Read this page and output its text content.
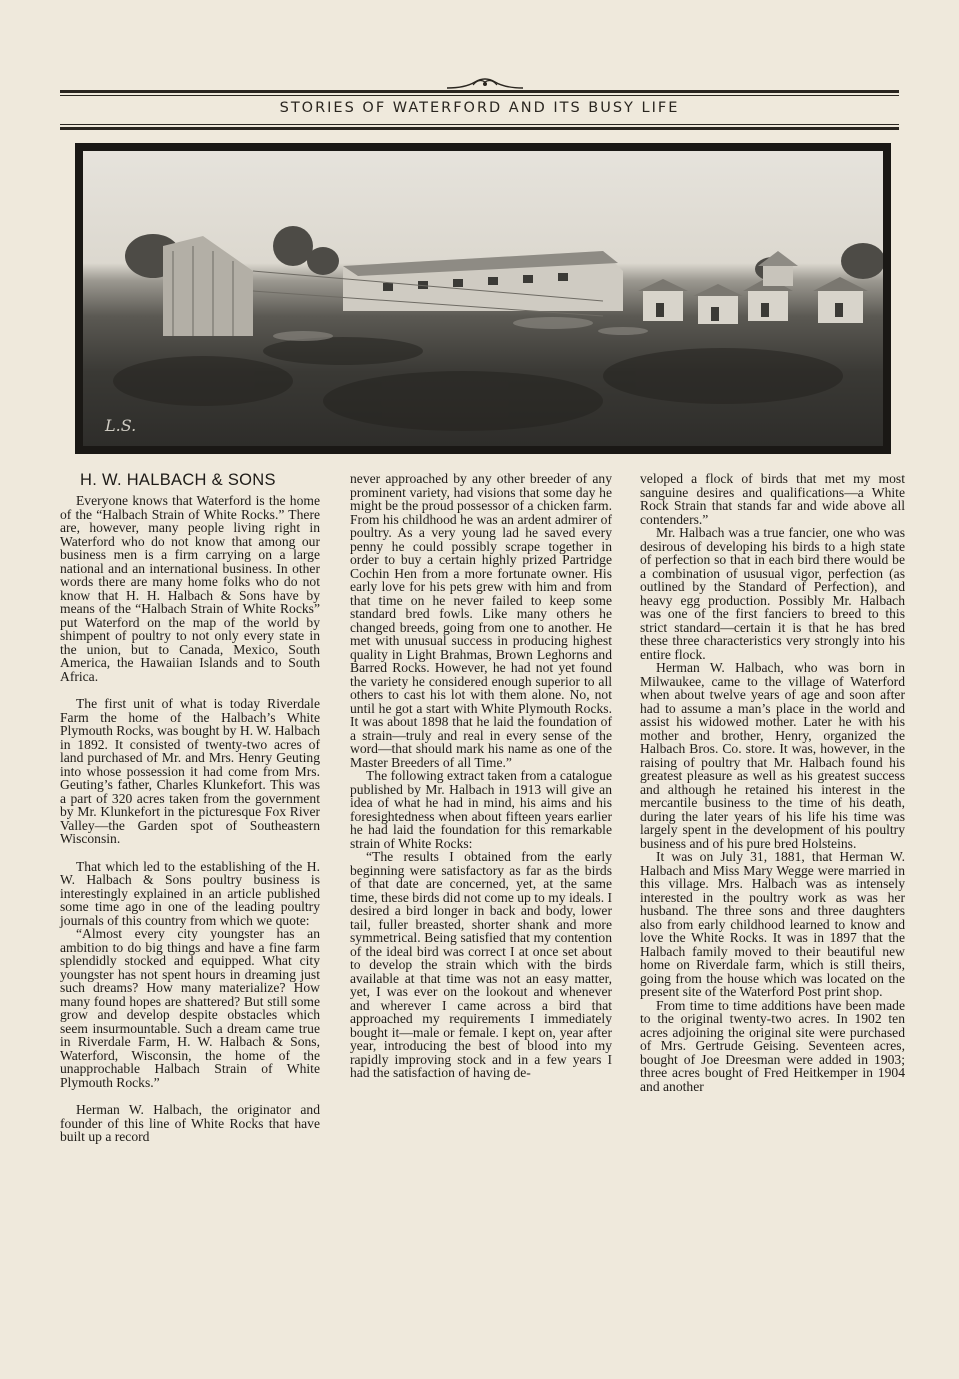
STORIES OF WATERFORD AND ITS BUSY LIFE
L.S.
H. W. HALBACH & SONS

Everyone knows that Waterford is the home of the “Halbach Strain of White Rocks.” There are, however, many people living right in Waterford who do not know that among our business men is a firm carrying on a large national and an international business. In other words there are many home folks who do not know that H. H. Halbach & Sons have by means of the “Halbach Strain of White Rocks” put Waterford on the map of the world by shimpent of poultry to not only every state in the union, but to Canada, Mexico, South America, the Hawaiian Islands and to South Africa.

The first unit of what is today Riverdale Farm the home of the Halbach’s White Plymouth Rocks, was bought by H. W. Halbach in 1892. It consisted of twenty-two acres of land purchased of Mr. and Mrs. Henry Geuting into whose possession it had come from Mrs. Geuting’s father, Charles Klunkefort. This was a part of 320 acres taken from the government by Mr. Klunkefort in the picturesque Fox River Valley—the Garden spot of Southeastern Wisconsin.

That which led to the establishing of the H. W. Halbach & Sons poultry business is interestingly explained in an article published some time ago in one of the leading poultry journals of this country from which we quote:

“Almost every city youngster has an ambition to do big things and have a fine farm splendidly stocked and equipped. What city youngster has not spent hours in dreaming just such dreams? How many materialize? How many found hopes are shattered? But still some grow and develop despite obstacles which seem insurmountable. Such a dream came true in Riverdale Farm, H. W. Halbach & Sons, Waterford, Wisconsin, the home of the unapprochable Halbach Strain of White Plymouth Rocks.”

Herman W. Halbach, the originator and founder of this line of White Rocks that have built up a record

never approached by any other breeder of any prominent variety, had visions that some day he might be the proud possessor of a chicken farm. From his childhood he was an ardent admirer of poultry. As a very young lad he saved every penny he could possibly scrape together in order to buy a certain highly prized Partridge Cochin Hen from a more fortunate owner. His early love for his pets grew with him and from that time on he never failed to keep some standard bred fowls. Like many others he changed breeds, going from one to another. He met with unusual success in producing highest quality in Light Brahmas, Brown Leghorns and Barred Rocks. However, he had not yet found the variety he considered enough superior to all others to cast his lot with them alone. No, not until he got a start with White Plymouth Rocks. It was about 1898 that he laid the foundation of a strain—truly and real in every sense of the word—that should mark his name as one of the Master Breeders of all Time.”

The following extract taken from a catalogue published by Mr. Halbach in 1913 will give an idea of what he had in mind, his aims and his foresightedness when about fifteen years earlier he had laid the foundation for this remarkable strain of White Rocks:

“The results I obtained from the early beginning were satisfactory as far as the birds of that date are concerned, yet, at the same time, these birds did not come up to my ideals. I desired a bird longer in back and body, lower tail, fuller breasted, shorter shank and more symmetrical. Being satisfied that my contention of the ideal bird was correct I at once set about to develop the strain which with the birds available at that time was not an easy matter, yet, I was ever on the lookout and whenever and wherever I came across a bird that approached my requirements I immediately bought it—male or female. I kept on, year after year, introducing the best of blood into my rapidly improving stock and in a few years I had the satisfaction of having de-

veloped a flock of birds that met my most sanguine desires and qualifications—a White Rock Strain that stands far and wide above all contenders.”

Mr. Halbach was a true fancier, one who was desirous of developing his birds to a high state of perfection so that in each bird there would be a combination of ususual vigor, perfection (as outlined by the Standard of Perfection), and heavy egg production. Possibly Mr. Halbach was one of the first fanciers to breed to this strict standard—certain it is that he has bred these three characteristics very strongly into his entire flock.

Herman W. Halbach, who was born in Milwaukee, came to the village of Waterford when about twelve years of age and soon after had to assume a man’s place in the world and assist his widowed mother. Later he with his mother and brother, Henry, organized the Halbach Bros. Co. store. It was, however, in the raising of poultry that Mr. Halbach found his greatest pleasure as well as his greatest success and although he retained his interest in the mercantile business to the time of his death, during the later years of his life his time was largely spent in the development of his poultry business and of his pure bred Holsteins.

It was on July 31, 1881, that Herman W. Halbach and Miss Mary Wegge were married in this village. Mrs. Halbach was as intensely interested in the poultry work as was her husband. The three sons and three daughters also from early childhood learned to know and love the White Rocks. It was in 1897 that the Halbach family moved to their beautiful new home on Riverdale farm, which is still theirs, going from the house which was located on the present site of the Waterford Post print shop.

From time to time additions have been made to the original twenty-two acres. In 1902 ten acres adjoining the original site were purchased of Mrs. Gertrude Geising. Seventeen acres, bought of Joe Dreesman were added in 1903; three acres bought of Fred Heitkemper in 1904 and another
